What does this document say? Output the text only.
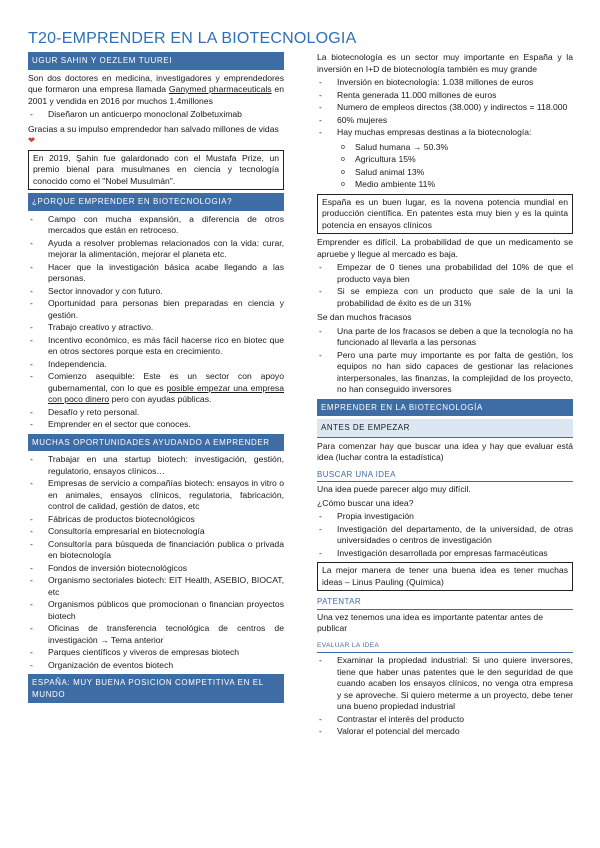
T20-EMPRENDER EN LA BIOTECNOLOGIA
UGUR SAHIN Y OEZLEM TUUREI

Son dos doctores en medicina, investigadores y emprendedores que formaron una empresa llamada Ganymed pharmaceuticals en 2001 y vendida en 2016 por muchos 1.4millones

- Diseñaron un anticuerpo monoclonal Zolbetuximab

Gracias a su impulso emprendedor han salvado millones de vidas❤

En 2019, Şahin fue galardonado con el Mustafa Prize, un premio bienal para musulmanes en ciencia y tecnología conocido como el "Nobel Musulmán".
¿PORQUE EMPRENDER EN BIOTECNOLOGIA?
- Campo con mucha expansión, a diferencia de otros mercados que están en retroceso.
- Ayuda a resolver problemas relacionados con la vida: curar, mejorar la alimentación, mejorar el planeta etc.
- Hacer que la investigación básica acabe llegando a las personas.
- Sector innovador y con futuro.
- Oportunidad para personas bien preparadas en ciencia y gestión.
- Trabajo creativo y atractivo.
- Incentivo económico, es más fácil hacerse rico en biotec que en otros sectores porque esta en crecimiento.
- Independencia.
- Comienzo asequible: Este es un sector con apoyo gubernamental, con lo que es posible empezar una empresa con poco dinero pero con ayudas públicas.
- Desafío y reto personal.
- Emprender en el sector que conoces.
MUCHAS OPORTUNIDADES AYUDANDO A EMPRENDER
- Trabajar en una startup biotech: investigación, gestión, regulatorio, ensayos clínicos…
- Empresas de servicio a compañías biotech: ensayos in vitro o en animales, ensayos clínicos, regulatoria, fabricación, control de calidad, gestión de datos, etc
- Fábricas de productos biotecnológicos
- Consultoría empresarial en biotecnología
- Consultoría para búsqueda de financiación publica o privada en biotecnología
- Fondos de inversión biotecnológicos
- Organismo sectoriales biotech: EIT Health, ASEBIO, BIOCAT, etc
- Organismos públicos que promocionan o financian proyectos biotech
- Oficinas de transferencia tecnológica de centros de investigación → Tema anterior
- Parques científicos y viveros de empresas biotech
- Organización de eventos biotech
ESPAÑA: MUY BUENA POSICION COMPETITIVA EN EL MUNDO

La biotecnología es un sector muy importante en España y la inversión en I+D de biotecnología también es muy grande

- Inversión en biotecnología: 1.038 millones de euros
- Renta generada 11.000 millones de euros
- Numero de empleos directos (38.000) y indirectos = 118.000
- 60% mujeres
- Hay muchas empresas destinas a la biotecnología:
o Salud humana → 50.3%
o Agricultura 15%
o Salud animal 13%
o Medio ambiente 11%
España es un buen lugar, es la novena potencia mundial en producción científica. En patentes esta muy bien y es la quinta potencia en ensayos clínicos

Emprender es difícil. La probabilidad de que un medicamento se apruebe y llegue al mercado es baja.

- Empezar de 0 tienes una probabilidad del 10% de que el producto vaya bien
- Si se empieza con un producto que sale de la uni la probabilidad de éxito es de un 31%

Se dan muchos fracasos

- Una parte de los fracasos se deben a que la tecnología no ha funcionado al llevarla a las personas
- Pero una parte muy importante es por falta de gestión, los equipos no han sido capaces de gestionar las relaciones interpersonales, las finanzas, la complejidad de los proyecto, no han conseguido inversores
EMPRENDER EN LA BIOTECNOLOGÍA
ANTES DE EMPEZAR

Para comenzar hay que buscar una idea y hay que evaluar está idea (luchar contra la estadística)

BUSCAR UNA IDEA

Una idea puede parecer algo muy difícil.

¿Cómo buscar una idea?

- Propia investigación
- Investigación del departamento, de la universidad, de otras universidades o centros de investigación
- Investigación desarrollada por empresas farmacéuticas
La mejor manera de tener una buena idea es tener muchas ideas – Linus Pauling (Química)
PATENTAR

Una vez tenemos una idea es importante patentar antes de publicar

EVALUAR LA IDEA
- Examinar la propiedad industrial: Si uno quiere inversores, tiene que haber unas patentes que le den seguridad de que cuando acaben los ensayos clínicos, no venga otra empresa y se aproveche. Si quiero meterme a un proyecto, debe tener una bueno propiedad industrial
- Contrastar el interés del producto
- Valorar el potencial del mercado
